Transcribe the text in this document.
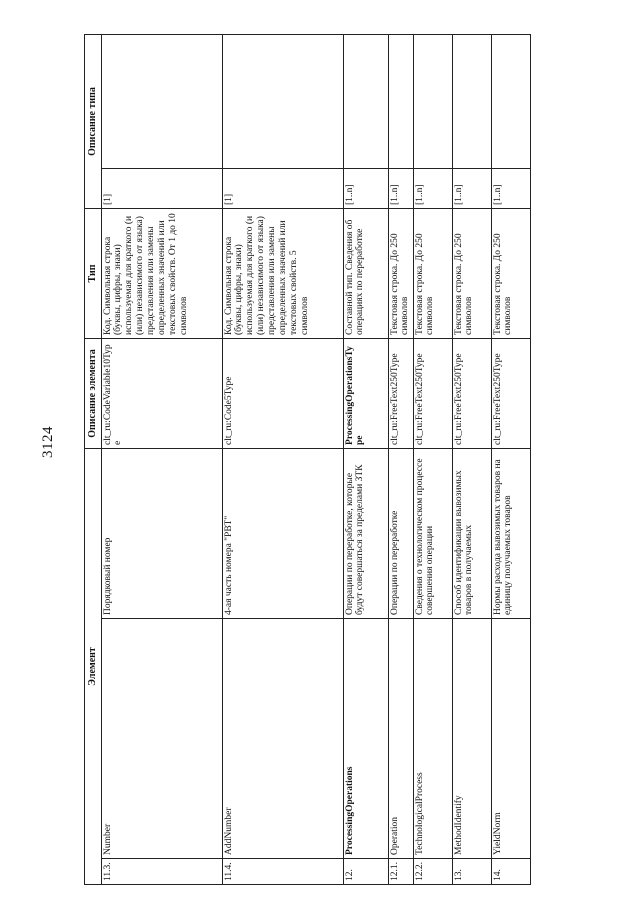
3124
Элемент			Описание элемента	Тип	Описание типа	
11.3.	Number	Порядковый номер	clt_ru:CodeVariable10Type	Код. Символьная строка (буквы, цифры, знаки) используемая для краткого (и (или) независимого от языка) представления или замены определенных значений или текстовых свойств. От 1 до 10 символов	[1]	
11.4.	AddNumber	4-ая часть номера "РВТ"	clt_ru:Code5Type	Код. Символьная строка (буквы, цифры, знаки) используемая для краткого (и (или) независимого от языка) представления или замены определенных значений или текстовых свойств. 5 символов	[1]	
12.	ProcessingOperations	Операции по переработке, которые будут совершаться за пределами ЗТК	ProcessingOperationsType	Составной тип. Сведения об операциях по переработке	[1..n]	
12.1.	Operation	Операции по переработке	clt_ru:FreeText250Type	Текстовая строка. До 250 символов	[1..n]	
12.2.	TechnologicalProcess	Сведения о технологическом процессе совершения операции	clt_ru:FreeText250Type	Текстовая строка. До 250 символов	[1..n]	
13.	MethodIdentify	Способ идентификации вывозимых товаров в получаемых	clt_ru:FreeText250Type	Текстовая строка. До 250 символов	[1..n]	
14.	YieldNorm	Нормы расхода вывозимых товаров на единицу получаемых товаров	clt_ru:FreeText250Type	Текстовая строка. До 250 символов	[1..n]	
